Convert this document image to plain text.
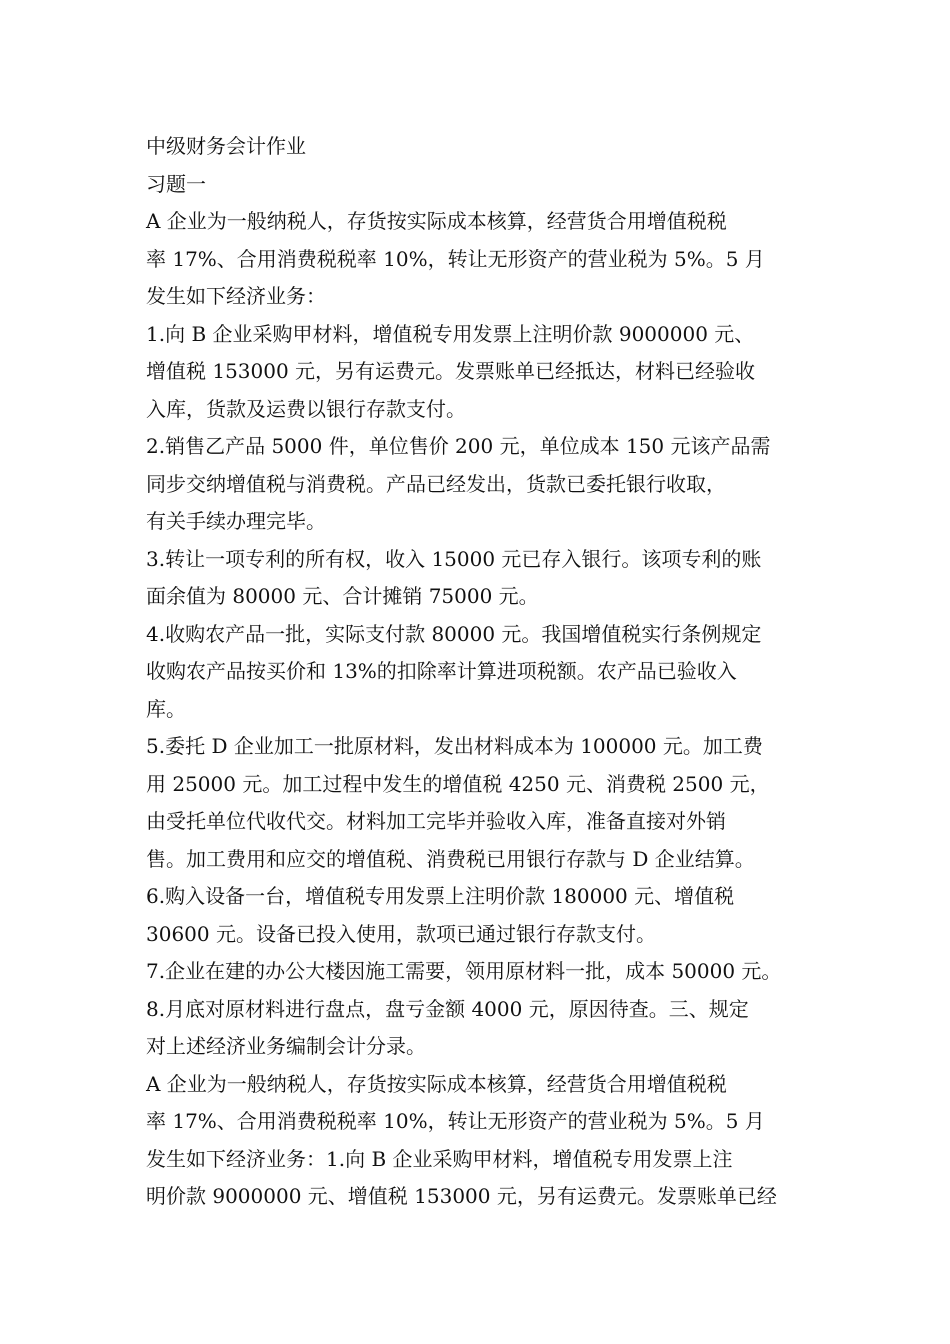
中级财务会计作业
习题一
A 企业为一般纳税人，存货按实际成本核算，经营货合用增值税税
率 17%、合用消费税税率 10%，转让无形资产的营业税为 5%。5 月
发生如下经济业务：
1.向 B 企业采购甲材料，增值税专用发票上注明价款 9000000 元、
增值税 153000 元，另有运费元。发票账单已经抵达，材料已经验收
入库，货款及运费以银行存款支付。
2.销售乙产品 5000 件，单位售价 200 元，单位成本 150 元该产品需
同步交纳增值税与消费税。产品已经发出，货款已委托银行收取，
有关手续办理完毕。
3.转让一项专利的所有权，收入 15000 元已存入银行。该项专利的账
面余值为 80000 元、合计摊销 75000 元。
4.收购农产品一批，实际支付款 80000 元。我国增值税实行条例规定
收购农产品按买价和 13%的扣除率计算进项税额。农产品已验收入
库。
5.委托 D 企业加工一批原材料，发出材料成本为 100000 元。加工费
用 25000 元。加工过程中发生的增值税 4250 元、消费税 2500 元，
由受托单位代收代交。材料加工完毕并验收入库，准备直接对外销
售。加工费用和应交的增值税、消费税已用银行存款与 D 企业结算。
6.购入设备一台，增值税专用发票上注明价款 180000 元、增值税
30600 元。设备已投入使用，款项已通过银行存款支付。
7.企业在建的办公大楼因施工需要，领用原材料一批，成本 50000 元。
8.月底对原材料进行盘点，盘亏金额 4000 元，原因待查。三、规定
对上述经济业务编制会计分录。
A 企业为一般纳税人，存货按实际成本核算，经营货合用增值税税
率 17%、合用消费税税率 10%，转让无形资产的营业税为 5%。5 月
发生如下经济业务：1.向 B 企业采购甲材料，增值税专用发票上注
明价款 9000000 元、增值税 153000 元，另有运费元。发票账单已经
